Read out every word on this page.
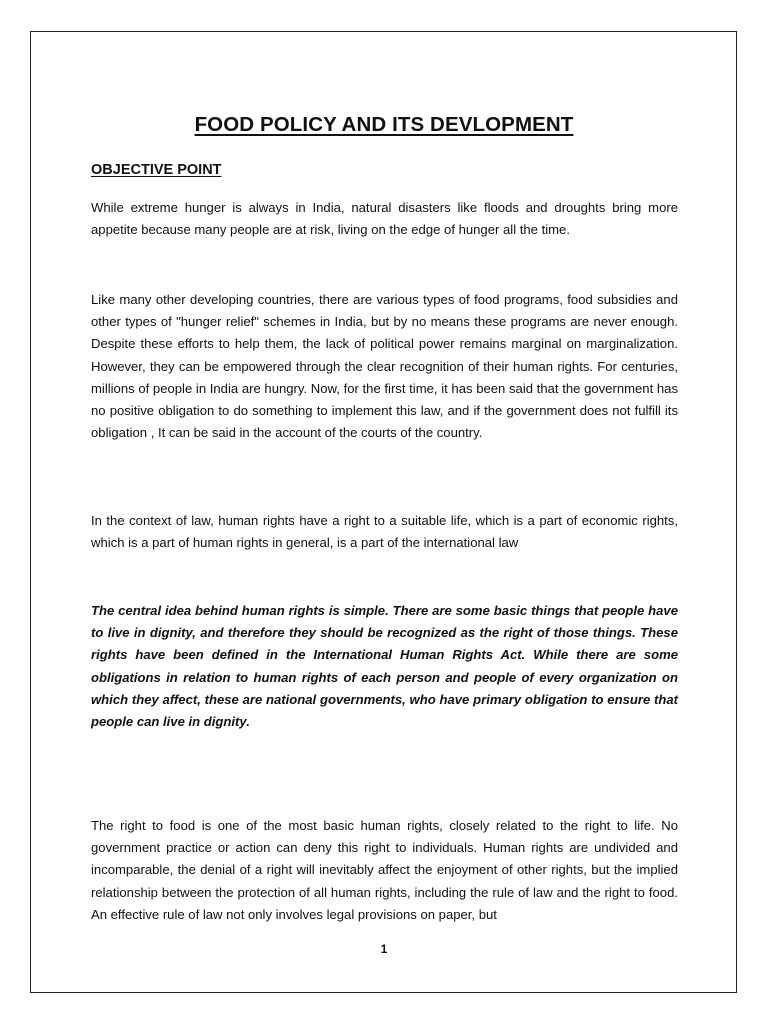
FOOD POLICY AND ITS DEVLOPMENT
OBJECTIVE POINT

While extreme hunger is always in India, natural disasters like floods and droughts bring more appetite because many people are at risk, living on the edge of hunger all the time.

Like many other developing countries, there are various types of food programs, food subsidies and other types of "hunger relief" schemes in India, but by no means these programs are never enough. Despite these efforts to help them, the lack of political power remains marginal on marginalization. However, they can be empowered through the clear recognition of their human rights. For centuries, millions of people in India are hungry. Now, for the first time, it has been said that the government has no positive obligation to do something to implement this law, and if the government does not fulfill its obligation , It can be said in the account of the courts of the country.

In the context of law, human rights have a right to a suitable life, which is a part of economic rights, which is a part of human rights in general, is a part of the international law

The central idea behind human rights is simple. There are some basic things that people have to live in dignity, and therefore they should be recognized as the right of those things. These rights have been defined in the International Human Rights Act. While there are some obligations in relation to human rights of each person and people of every organization on which they affect, these are national governments, who have primary obligation to ensure that people can live in dignity.

The right to food is one of the most basic human rights, closely related to the right to life. No government practice or action can deny this right to individuals. Human rights are undivided and incomparable, the denial of a right will inevitably affect the enjoyment of other rights, but the implied relationship between the protection of all human rights, including the rule of law and the right to food. An effective rule of law not only involves legal provisions on paper, but

1
